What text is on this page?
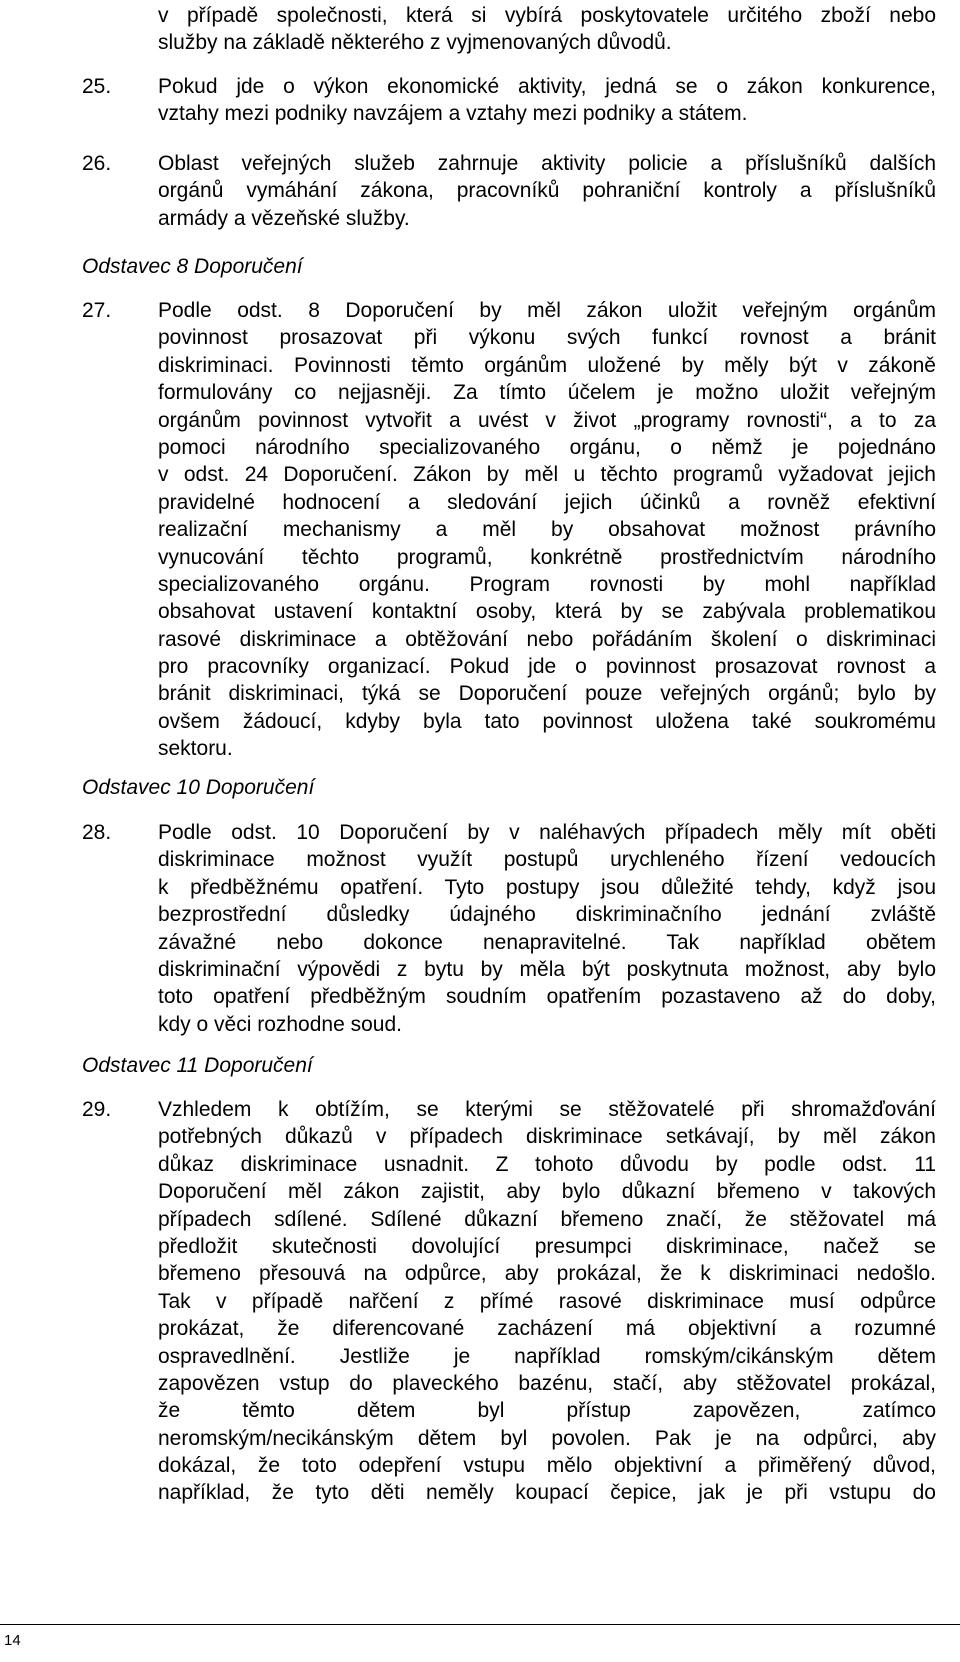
v případě společnosti, která si vybírá poskytovatele určitého zboží nebo
služby na základě některého z vyjmenovaných důvodů.
25. Pokud jde o výkon ekonomické aktivity, jedná se o zákon konkurence,
vztahy mezi podniky navzájem a vztahy mezi podniky a státem.
26. Oblast veřejných služeb zahrnuje aktivity policie a příslušníků dalších
orgánů vymáhání zákona, pracovníků pohraniční kontroly a příslušníků
armády a vězeňské služby.
Odstavec 8 Doporučení
27. Podle odst. 8 Doporučení by měl zákon uložit veřejným orgánům
povinnost prosazovat při výkonu svých funkcí rovnost a bránit
diskriminaci. Povinnosti těmto orgánům uložené by měly být v zákoně
formulovány co nejjasněji. Za tímto účelem je možno uložit veřejným
orgánům povinnost vytvořit a uvést v život „programy rovnosti“, a to za
pomoci národního specializovaného orgánu, o němž je pojednáno
v odst. 24 Doporučení. Zákon by měl u těchto programů vyžadovat jejich
pravidelné hodnocení a sledování jejich účinků a rovněž efektivní
realizační mechanismy a měl by obsahovat možnost právního
vynucování těchto programů, konkrétně prostřednictvím národního
specializovaného orgánu. Program rovnosti by mohl například
obsahovat ustavení kontaktní osoby, která by se zabývala problematikou
rasové diskriminace a obtěžování nebo pořádáním školení o diskriminaci
pro pracovníky organizací. Pokud jde o povinnost prosazovat rovnost a
bránit diskriminaci, týká se Doporučení pouze veřejných orgánů; bylo by
ovšem žádoucí, kdyby byla tato povinnost uložena také soukromému
sektoru.
Odstavec 10 Doporučení
28. Podle odst. 10 Doporučení by v naléhavých případech měly mít oběti
diskriminace možnost využít postupů urychleného řízení vedoucích
k předběžnému opatření. Tyto postupy jsou důležité tehdy, když jsou
bezprostřední důsledky údajného diskriminačního jednání zvláště
závažné nebo dokonce nenapravitelné. Tak například obětem
diskriminační výpovědi z bytu by měla být poskytnuta možnost, aby bylo
toto opatření předběžným soudním opatřením pozastaveno až do doby,
kdy o věci rozhodne soud.
Odstavec 11 Doporučení
29. Vzhledem k obtížím, se kterými se stěžovatelé při shromažďování
potřebných důkazů v případech diskriminace setkávají, by měl zákon
důkaz diskriminace usnadnit. Z tohoto důvodu by podle odst. 11
Doporučení měl zákon zajistit, aby bylo důkazní břemeno v takových
případech sdílené. Sdílené důkazní břemeno značí, že stěžovatel má
předložit skutečnosti dovolující presumpci diskriminace, načež se
břemeno přesouvá na odpůrce, aby prokázal, že k diskriminaci nedošlo.
Tak v případě nařčení z přímé rasové diskriminace musí odpůrce
prokázat, že diferencované zacházení má objektivní a rozumné
ospravedlnění. Jestliže je například romským/cikánským dětem
zapovězen vstup do plaveckého bazénu, stačí, aby stěžovatel prokázal,
že těmto dětem byl přístup zapovězen, zatímco
neromským/necikánským dětem byl povolen. Pak je na odpůrci, aby
dokázal, že toto odepření vstupu mělo objektivní a přiměřený důvod,
například, že tyto děti neměly koupací čepice, jak je při vstupu do
14
